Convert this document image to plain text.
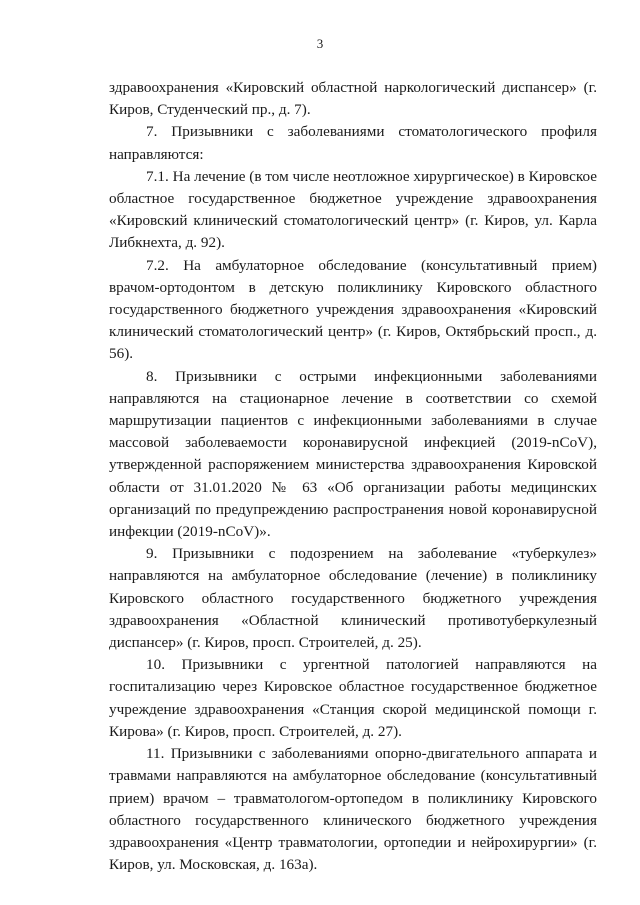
3

здравоохранения «Кировский областной наркологический диспансер» (г. Киров, Студенческий пр., д. 7).

7. Призывники с заболеваниями стоматологического профиля направляются:

7.1. На лечение (в том числе неотложное хирургическое) в Кировское областное государственное бюджетное учреждение здравоохранения «Кировский клинический стоматологический центр» (г. Киров, ул. Карла Либкнехта, д. 92).

7.2. На амбулаторное обследование (консультативный прием) врачом-ортодонтом в детскую поликлинику Кировского областного государственного бюджетного учреждения здравоохранения «Кировский клинический стоматологический центр» (г. Киров, Октябрьский просп., д. 56).

8. Призывники с острыми инфекционными заболеваниями направляются на стационарное лечение в соответствии со схемой маршрутизации пациентов с инфекционными заболеваниями в случае массовой заболеваемости коронавирусной инфекцией (2019-nCoV), утвержденной распоряжением министерства здравоохранения Кировской области от 31.01.2020 № 63 «Об организации работы медицинских организаций по предупреждению распространения новой коронавирусной инфекции (2019-nCoV)».

9. Призывники с подозрением на заболевание «туберкулез» направляются на амбулаторное обследование (лечение) в поликлинику Кировского областного государственного бюджетного учреждения здравоохранения «Областной клинический противотуберкулезный диспансер» (г. Киров, просп. Строителей, д. 25).

10. Призывники с ургентной патологией направляются на госпитализацию через Кировское областное государственное бюджетное учреждение здравоохранения «Станция скорой медицинской помощи г. Кирова» (г. Киров, просп. Строителей, д. 27).

11. Призывники с заболеваниями опорно-двигательного аппарата и травмами направляются на амбулаторное обследование (консультативный прием) врачом – травматологом-ортопедом в поликлинику Кировского областного государственного клинического бюджетного учреждения здравоохранения «Центр травматологии, ортопедии и нейрохирургии» (г. Киров, ул. Московская, д. 163а).
